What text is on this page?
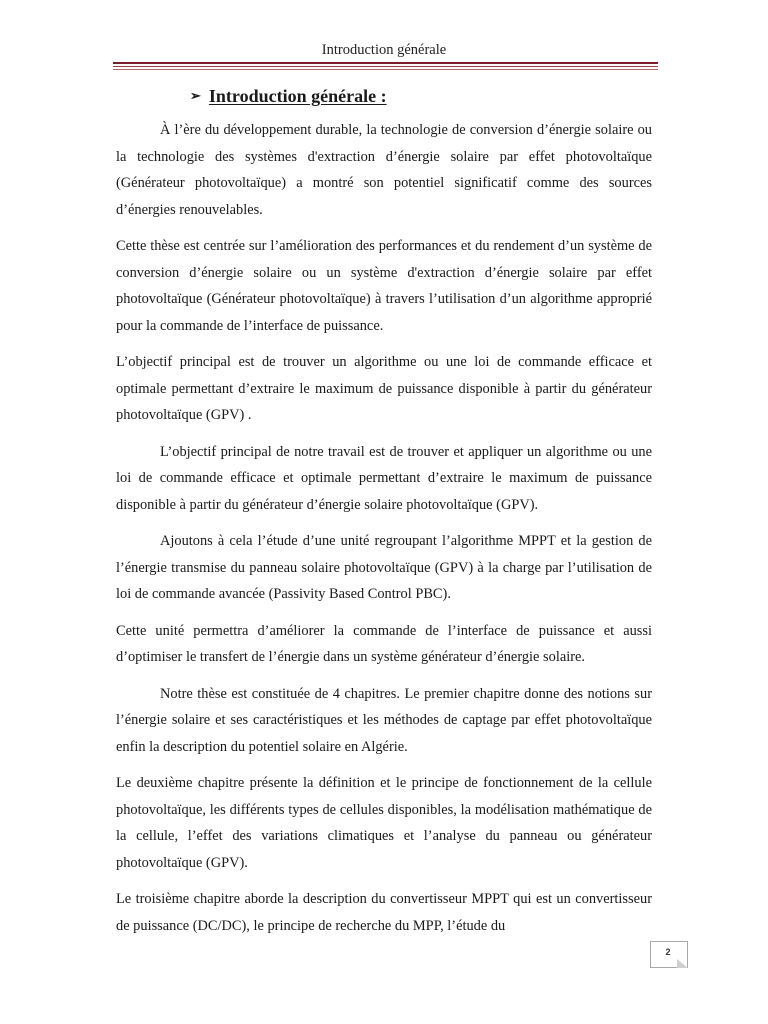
Introduction générale
➢ Introduction générale :

À l’ère du développement durable, la technologie de conversion d’énergie solaire ou la technologie des systèmes d'extraction d’énergie solaire par effet photovoltaïque (Générateur photovoltaïque) a montré son potentiel significatif comme des sources d’énergies renouvelables.

Cette thèse est centrée sur l’amélioration des performances et du rendement d’un système de conversion d’énergie solaire ou un système d'extraction d’énergie solaire par effet photovoltaïque (Générateur photovoltaïque) à travers l’utilisation d’un algorithme approprié pour la commande de l’interface de puissance.

L’objectif principal est de trouver un algorithme ou une loi de commande efficace et optimale permettant d’extraire le maximum de puissance disponible à partir du générateur photovoltaïque (GPV) .

L’objectif principal de notre travail est de trouver et appliquer un algorithme ou une loi de commande efficace et optimale permettant d’extraire le maximum de puissance disponible à partir du générateur d’énergie solaire photovoltaïque (GPV).

Ajoutons à cela l’étude d’une unité regroupant l’algorithme MPPT et la gestion de l’énergie transmise du panneau solaire photovoltaïque (GPV) à la charge par l’utilisation de loi de commande avancée (Passivity Based Control PBC).

Cette unité permettra d’améliorer la commande de l’interface de puissance et aussi d’optimiser le transfert de l’énergie dans un système générateur d’énergie solaire.

Notre thèse est constituée de 4 chapitres. Le premier chapitre donne des notions sur l’énergie solaire et ses caractéristiques et les méthodes de captage par effet photovoltaïque enfin la description du potentiel solaire en Algérie.

Le deuxième chapitre présente la définition et le principe de fonctionnement de la cellule photovoltaïque, les différents types de cellules disponibles, la modélisation mathématique de la cellule, l’effet des variations climatiques et l’analyse du panneau ou générateur photovoltaïque (GPV).

Le troisième chapitre aborde la description du convertisseur MPPT qui est un convertisseur de puissance (DC/DC), le principe de recherche du MPP, l’étude du

2
